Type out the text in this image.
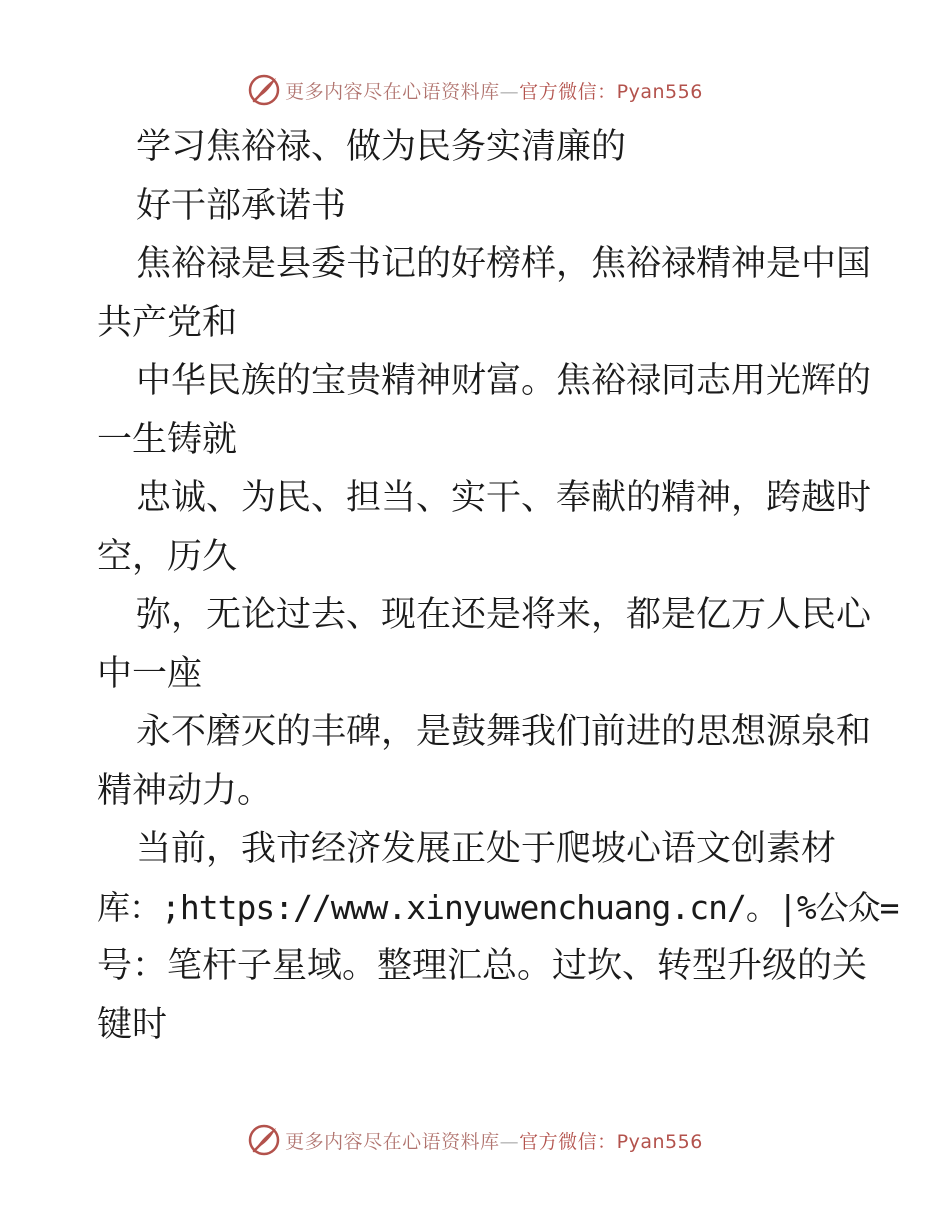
更多内容尽在心语资料库—官方微信：Pyan556
学习焦裕禄、做为民务实清廉的
好干部承诺书
焦裕禄是县委书记的好榜样，焦裕禄精神是中国
共产党和
中华民族的宝贵精神财富。焦裕禄同志用光辉的
一生铸就
忠诚、为民、担当、实干、奉献的精神，跨越时
空，历久
弥，无论过去、现在还是将来，都是亿万人民心
中一座
永不磨灭的丰碑，是鼓舞我们前进的思想源泉和
精神动力。
当前，我市经济发展正处于爬坡心语文创素材
库：;https://www.xinyuwenchuang.cn/。|%公众=
号：笔杆子星域。整理汇总。过坎、转型升级的关
键时
更多内容尽在心语资料库—官方微信：Pyan556
